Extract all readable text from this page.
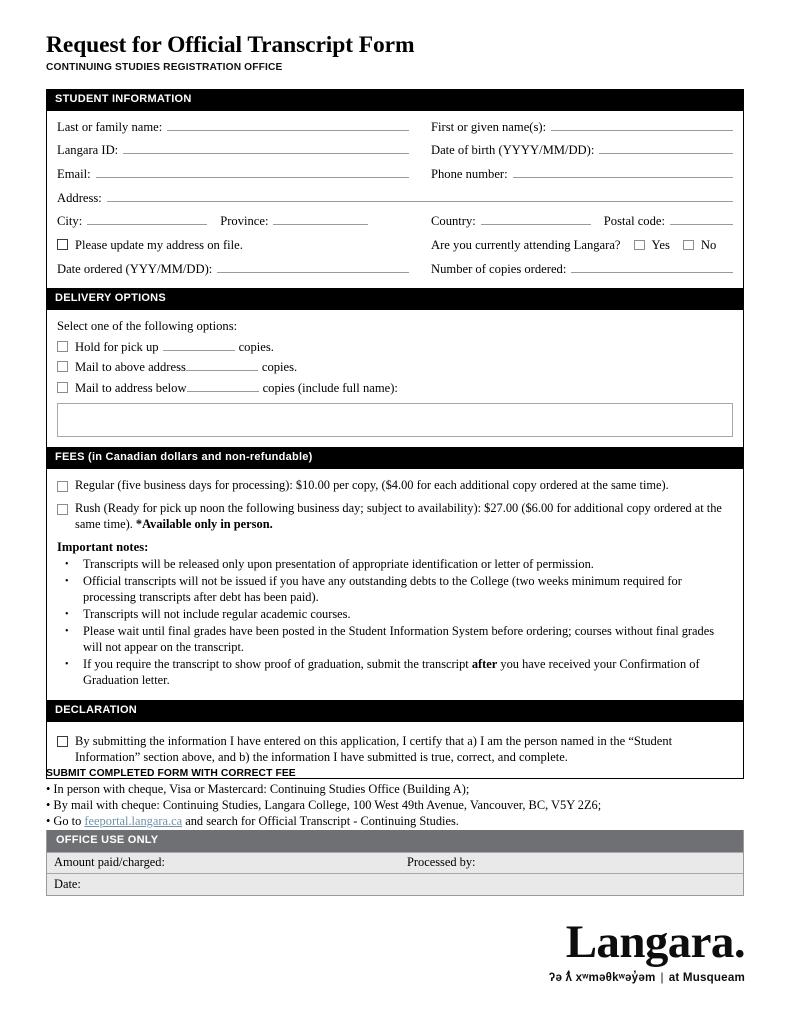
Request for Official Transcript Form
CONTINUING STUDIES REGISTRATION OFFICE
STUDENT INFORMATION
Last or family name:	First or given name(s):
Langara ID:	Date of birth (YYYY/MM/DD):
Email:	Phone number:
Address:
City:	Province:	Country:	Postal code:
Please update my address on file.	Are you currently attending Langara? Yes No
Date ordered (YYY/MM/DD):	Number of copies ordered:
DELIVERY OPTIONS
Select one of the following options:
Hold for pick up	copies.
Mail to above address	copies.
Mail to address below	copies (include full name):
FEES (in Canadian dollars and non-refundable)
Regular (five business days for processing): $10.00 per copy, ($4.00 for each additional copy ordered at the same time).
Rush (Ready for pick up noon the following business day; subject to availability): $27.00 ($6.00 for additional copy ordered at the same time). *Available only in person.
Important notes:
•	Transcripts will be released only upon presentation of appropriate identification or letter of permission.
•	Official transcripts will not be issued if you have any outstanding debts to the College (two weeks minimum required for processing transcripts after debt has been paid).
•	Transcripts will not include regular academic courses.
•	Please wait until final grades have been posted in the Student Information System before ordering; courses without final grades will not appear on the transcript.
•	If you require the transcript to show proof of graduation, submit the transcript after you have received your Confirmation of Graduation letter.
DECLARATION
By submitting the information I have entered on this application, I certify that a) I am the person named in the “Student Information” section above, and b) the information I have submitted is true, correct, and complete.
SUBMIT COMPLETED FORM WITH CORRECT FEE
• In person with cheque, Visa or Mastercard: Continuing Studies Office (Building A);
• By mail with cheque: Continuing Studies, Langara College, 100 West 49th Avenue, Vancouver, BC, V5Y 2Z6;
• Go to feeportal.langara.ca and search for Official Transcript - Continuing Studies.
OFFICE USE ONLY
Amount paid/charged:	Processed by:
Date:
Langara.
ʔə ƛ̓ xʷməθkʷəy̓əm | at Musqueam
